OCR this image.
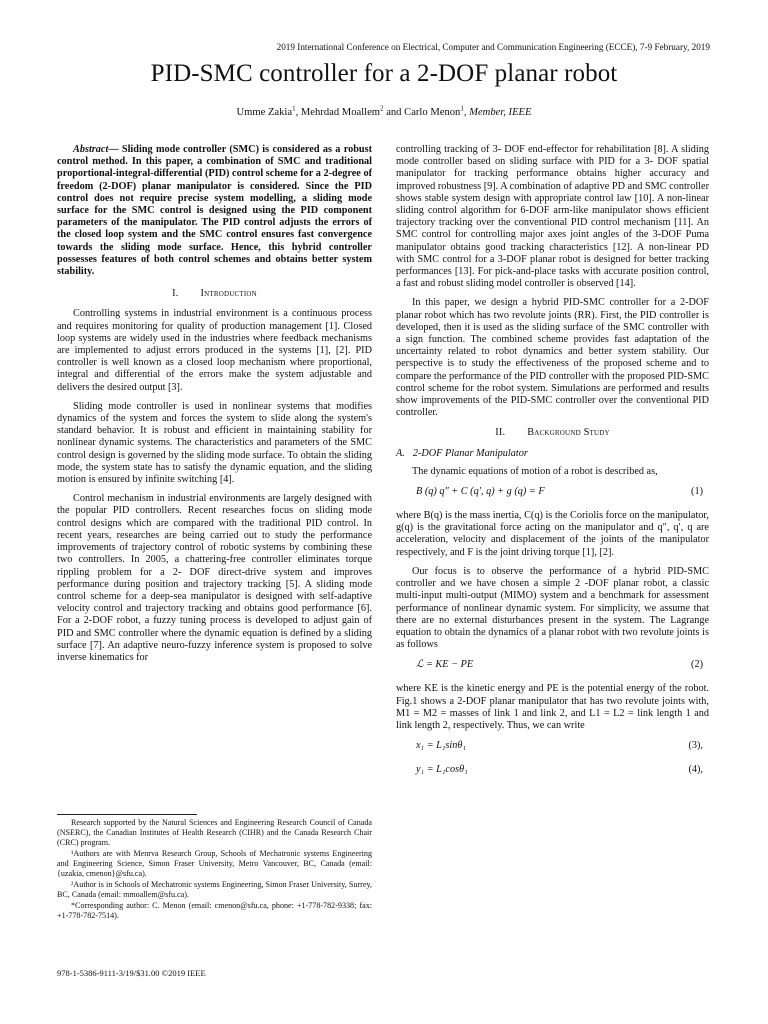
2019 International Conference on Electrical, Computer and Communication Engineering (ECCE), 7-9 February, 2019
PID-SMC controller for a 2-DOF planar robot
Umme Zakia$^1$, Mehrdad Moallem$^2$ and Carlo Menon$^1$, Member, IEEE

Abstract— Sliding mode controller (SMC) is considered as a robust control method. In this paper, a combination of SMC and traditional proportional-integral-differential (PID) control scheme for a 2-degree of freedom (2-DOF) planar manipulator is considered. Since the PID control does not require precise system modelling, a sliding mode surface for the SMC control is designed using the PID component parameters of the manipulator. The PID control adjusts the errors of the closed loop system and the SMC control ensures fast convergence towards the sliding mode surface. Hence, this hybrid controller possesses features of both control schemes and obtains better system stability.

I. Introduction

Controlling systems in industrial environment is a continuous process and requires monitoring for quality of production management [1]. Closed loop systems are widely used in the industries where feedback mechanisms are implemented to adjust errors produced in the systems [1], [2]. PID controller is well known as a closed loop mechanism where proportional, integral and differential of the errors make the system adjustable and delivers the desired output [3].

Sliding mode controller is used in nonlinear systems that modifies dynamics of the system and forces the system to slide along the system's standard behavior. It is robust and efficient in maintaining stability for nonlinear dynamic systems. The characteristics and parameters of the SMC control design is governed by the sliding mode surface. To obtain the sliding mode, the system state has to satisfy the dynamic equation, and the sliding motion is ensured by infinite switching [4].

Control mechanism in industrial environments are largely designed with the popular PID controllers. Recent researches focus on sliding mode control designs which are compared with the traditional PID control. In recent years, researches are being carried out to study the performance improvements of trajectory control of robotic systems by combining these two controllers. In 2005, a chattering-free controller eliminates torque rippling problem for a 2- DOF direct-drive system and improves performance during position and trajectory tracking [5]. A sliding mode control scheme for a deep-sea manipulator is designed with self-adaptive velocity control and trajectory tracking and obtains good performance [6]. For a 2-DOF robot, a fuzzy tuning process is developed to adjust gain of PID and SMC controller where the dynamic equation is defined by a sliding surface [7]. An adaptive neuro-fuzzy inference system is proposed to solve inverse kinematics for

controlling tracking of 3- DOF end-effector for rehabilitation [8]. A sliding mode controller based on sliding surface with PID for a 3- DOF spatial manipulator for tracking performance obtains higher accuracy and improved robustness [9]. A combination of adaptive PD and SMC controller shows stable system design with appropriate control law [10]. A non-linear sliding control algorithm for 6-DOF arm-like manipulator shows efficient trajectory tracking over the conventional PID control mechanism [11]. An SMC control for controlling major axes joint angles of the 3-DOF Puma manipulator obtains good tracking characteristics [12]. A non-linear PD with SMC control for a 3-DOF planar robot is designed for better tracking performances [13]. For pick-and-place tasks with accurate position control, a fast and robust sliding model controller is observed [14].

In this paper, we design a hybrid PID-SMC controller for a 2-DOF planar robot which has two revolute joints (RR). First, the PID controller is developed, then it is used as the sliding surface of the SMC controller with a sign function. The combined scheme provides fast adaptation of the uncertainty related to robot dynamics and better system stability. Our perspective is to study the effectiveness of the proposed scheme and to compare the performance of the PID controller with the proposed PID-SMC control scheme for the robot system. Simulations are performed and results show improvements of the PID-SMC controller over the conventional PID controller.

II. Background Study
A. 2-DOF Planar Manipulator

The dynamic equations of motion of a robot is described as,

B (q) q″ + C (q′, q) + g (q) = F	(1)

where B(q) is the mass inertia, C(q) is the Coriolis force on the manipulator, g(q) is the gravitational force acting on the manipulator and q″, q′, q are acceleration, velocity and displacement of the joints of the manipulator respectively, and F is the joint driving torque [1], [2].

Our focus is to observe the performance of a hybrid PID-SMC controller and we have chosen a simple 2 -DOF planar robot, a classic multi-input multi-output (MIMO) system and a benchmark for assessment performance of nonlinear dynamic system. For simplicity, we assume that there are no external disturbances present in the system. The Lagrange equation to obtain the dynamics of a planar robot with two revolute joints is as follows

ℒ = KE − PE	(2)

where KE is the kinetic energy and PE is the potential energy of the robot. Fig.1 shows a 2-DOF planar manipulator that has two revolute joints with, M1 = M2 = masses of link 1 and link 2, and L1 = L2 = link length 1 and link length 2, respectively. Thus, we can write

x₁ = L₁sinθ₁	(3),
y₁ = L₁cosθ₁	(4),

Research supported by the Natural Sciences and Engineering Research Council of Canada (NSERC), the Canadian Institutes of Health Research (CIHR) and the Canada Research Chair (CRC) program.

¹Authors are with Menrva Research Group, Schools of Mechatronic systems Engineering and Engineering Science, Simon Fraser University, Metro Vancouver, BC, Canada (email: {uzakia, cmenon}@sfu.ca).

²Author is in Schools of Mechatronic systems Engineering, Simon Fraser University, Surrey, BC, Canada (email: mmoallem@sfu.ca).

*Corresponding author: C. Menon (email: cmenon@sfu.ca, phone: +1-778-782-9338; fax: +1-778-782-7514).

978-1-5386-9111-3/19/$31.00 ©2019 IEEE
